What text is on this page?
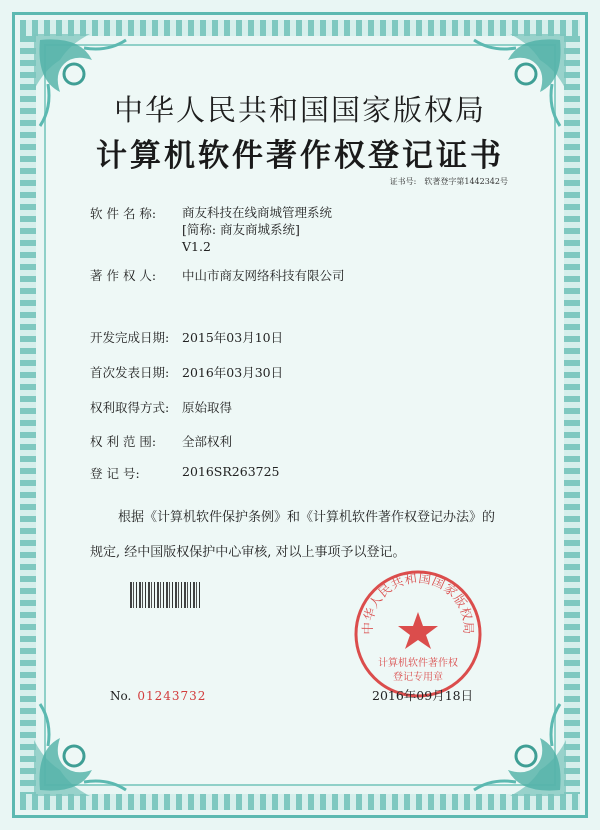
中华人民共和国国家版权局
计算机软件著作权登记证书
证书号: 软著登字第1442342号
软 件 名 称: 商友科技在线商城管理系统
[简称: 商友商城系统]
V1.2
著 作 权 人: 中山市商友网络科技有限公司
开发完成日期: 2015年03月10日
首次发表日期: 2016年03月30日
权利取得方式: 原始取得
权 利 范 围: 全部权利
登 记 号:	2016SR263725
根据《计算机软件保护条例》和《计算机软件著作权登记办法》的
规定, 经中国版权保护中心审核, 对以上事项予以登记。
No. 01243732
中华人民共和国国家版权局
计算机软件著作权
登记专用章
2016年09月18日
